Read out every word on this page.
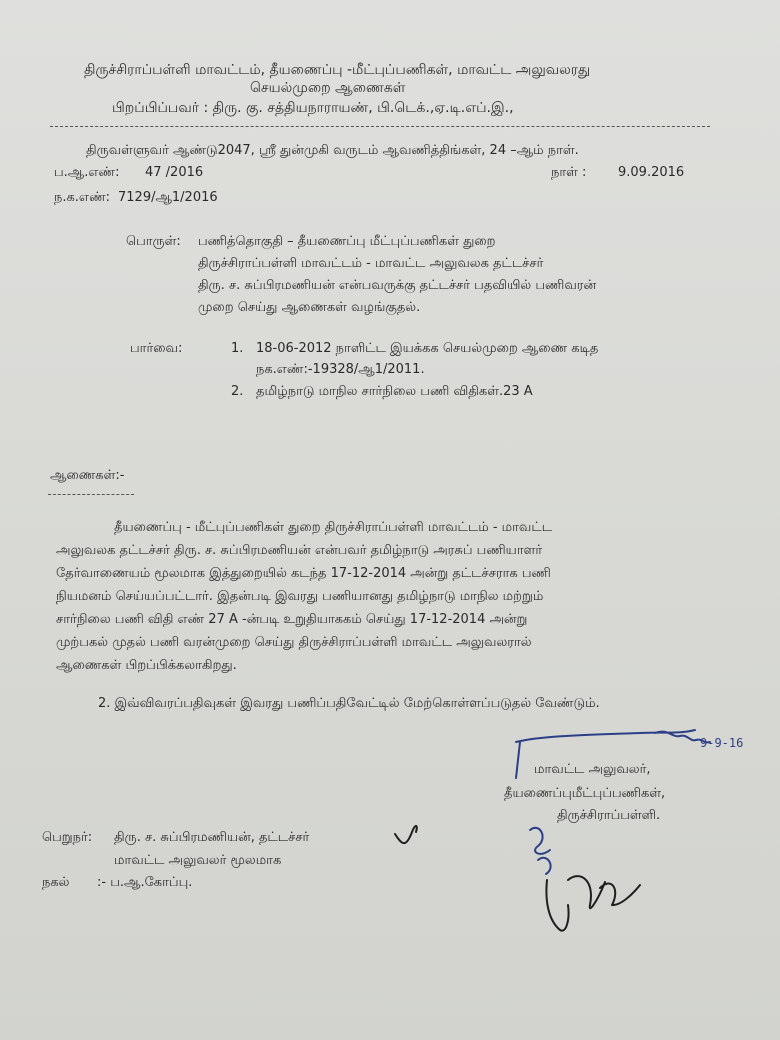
திருச்சிராப்பள்ளி மாவட்டம், தீயணைப்பு -மீட்புப்பணிகள், மாவட்ட அலுவலரது
செயல்முறை ஆணைகள்
பிறப்பிப்பவர் : திரு. கு. சத்தியநாராயண், பி.டெக்.,ஏ.டி.எப்.இ.,
திருவள்ளுவர் ஆண்டு2047, ஸ்ரீ துன்முகி வருடம் ஆவணித்திங்கள், 24 –ஆம் நாள்.
ப.ஆ.எண்: 47 /2016	நாள் : 9.09.2016
ந.க.எண்: 7129/ஆ1/2016
பொருள்: பணித்தொகுதி – தீயணைப்பு மீட்புப்பணிகள் துறை
திருச்சிராப்பள்ளி மாவட்டம் - மாவட்ட அலுவலக தட்டச்சர்
திரு. ச. சுப்பிரமணியன் என்பவருக்கு தட்டச்சர் பதவியில் பணிவரன்
முறை செய்து ஆணைகள் வழங்குதல்.
பார்வை:	1. 18-06-2012 நாளிட்ட இயக்கக செயல்முறை ஆணை கடித
நக.எண்:-19328/ஆ1/2011.
2. தமிழ்நாடு மாநில சார்நிலை பணி விதிகள்.23 A
ஆணைகள்:-
தீயணைப்பு - மீட்புப்பணிகள் துறை திருச்சிராப்பள்ளி மாவட்டம் - மாவட்ட
அலுவலக தட்டச்சர் திரு. ச. சுப்பிரமணியன் என்பவர் தமிழ்நாடு அரசுப் பணியாளர்
தேர்வாணையம் மூலமாக இத்துறையில் கடந்த 17-12-2014 அன்று தட்டச்சராக பணி
நியமனம் செய்யப்பட்டார். இதன்படி இவரது பணியானது தமிழ்நாடு மாநில மற்றும்
சார்நிலை பணி விதி எண் 27 A -ன்படி உறுதியாககம் செய்து 17-12-2014 அன்று
முற்பகல் முதல் பணி வரன்முறை செய்து திருச்சிராப்பள்ளி மாவட்ட அலுவலரால்
ஆணைகள் பிறப்பிக்கலாகிறது.
2. இவ்விவரப்பதிவுகள் இவரது பணிப்பதிவேட்டில் மேற்கொள்ளப்படுதல் வேண்டும்.
9-9-16
மாவட்ட அலுவலர்,
தீயணைப்புமீட்புப்பணிகள்,
திருச்சிராப்பள்ளி.
பெறுநர்: திரு. ச. சுப்பிரமணியன், தட்டச்சர்
மாவட்ட அலுவலர் மூலமாக
நகல் :- ப.ஆ.கோப்பு.
